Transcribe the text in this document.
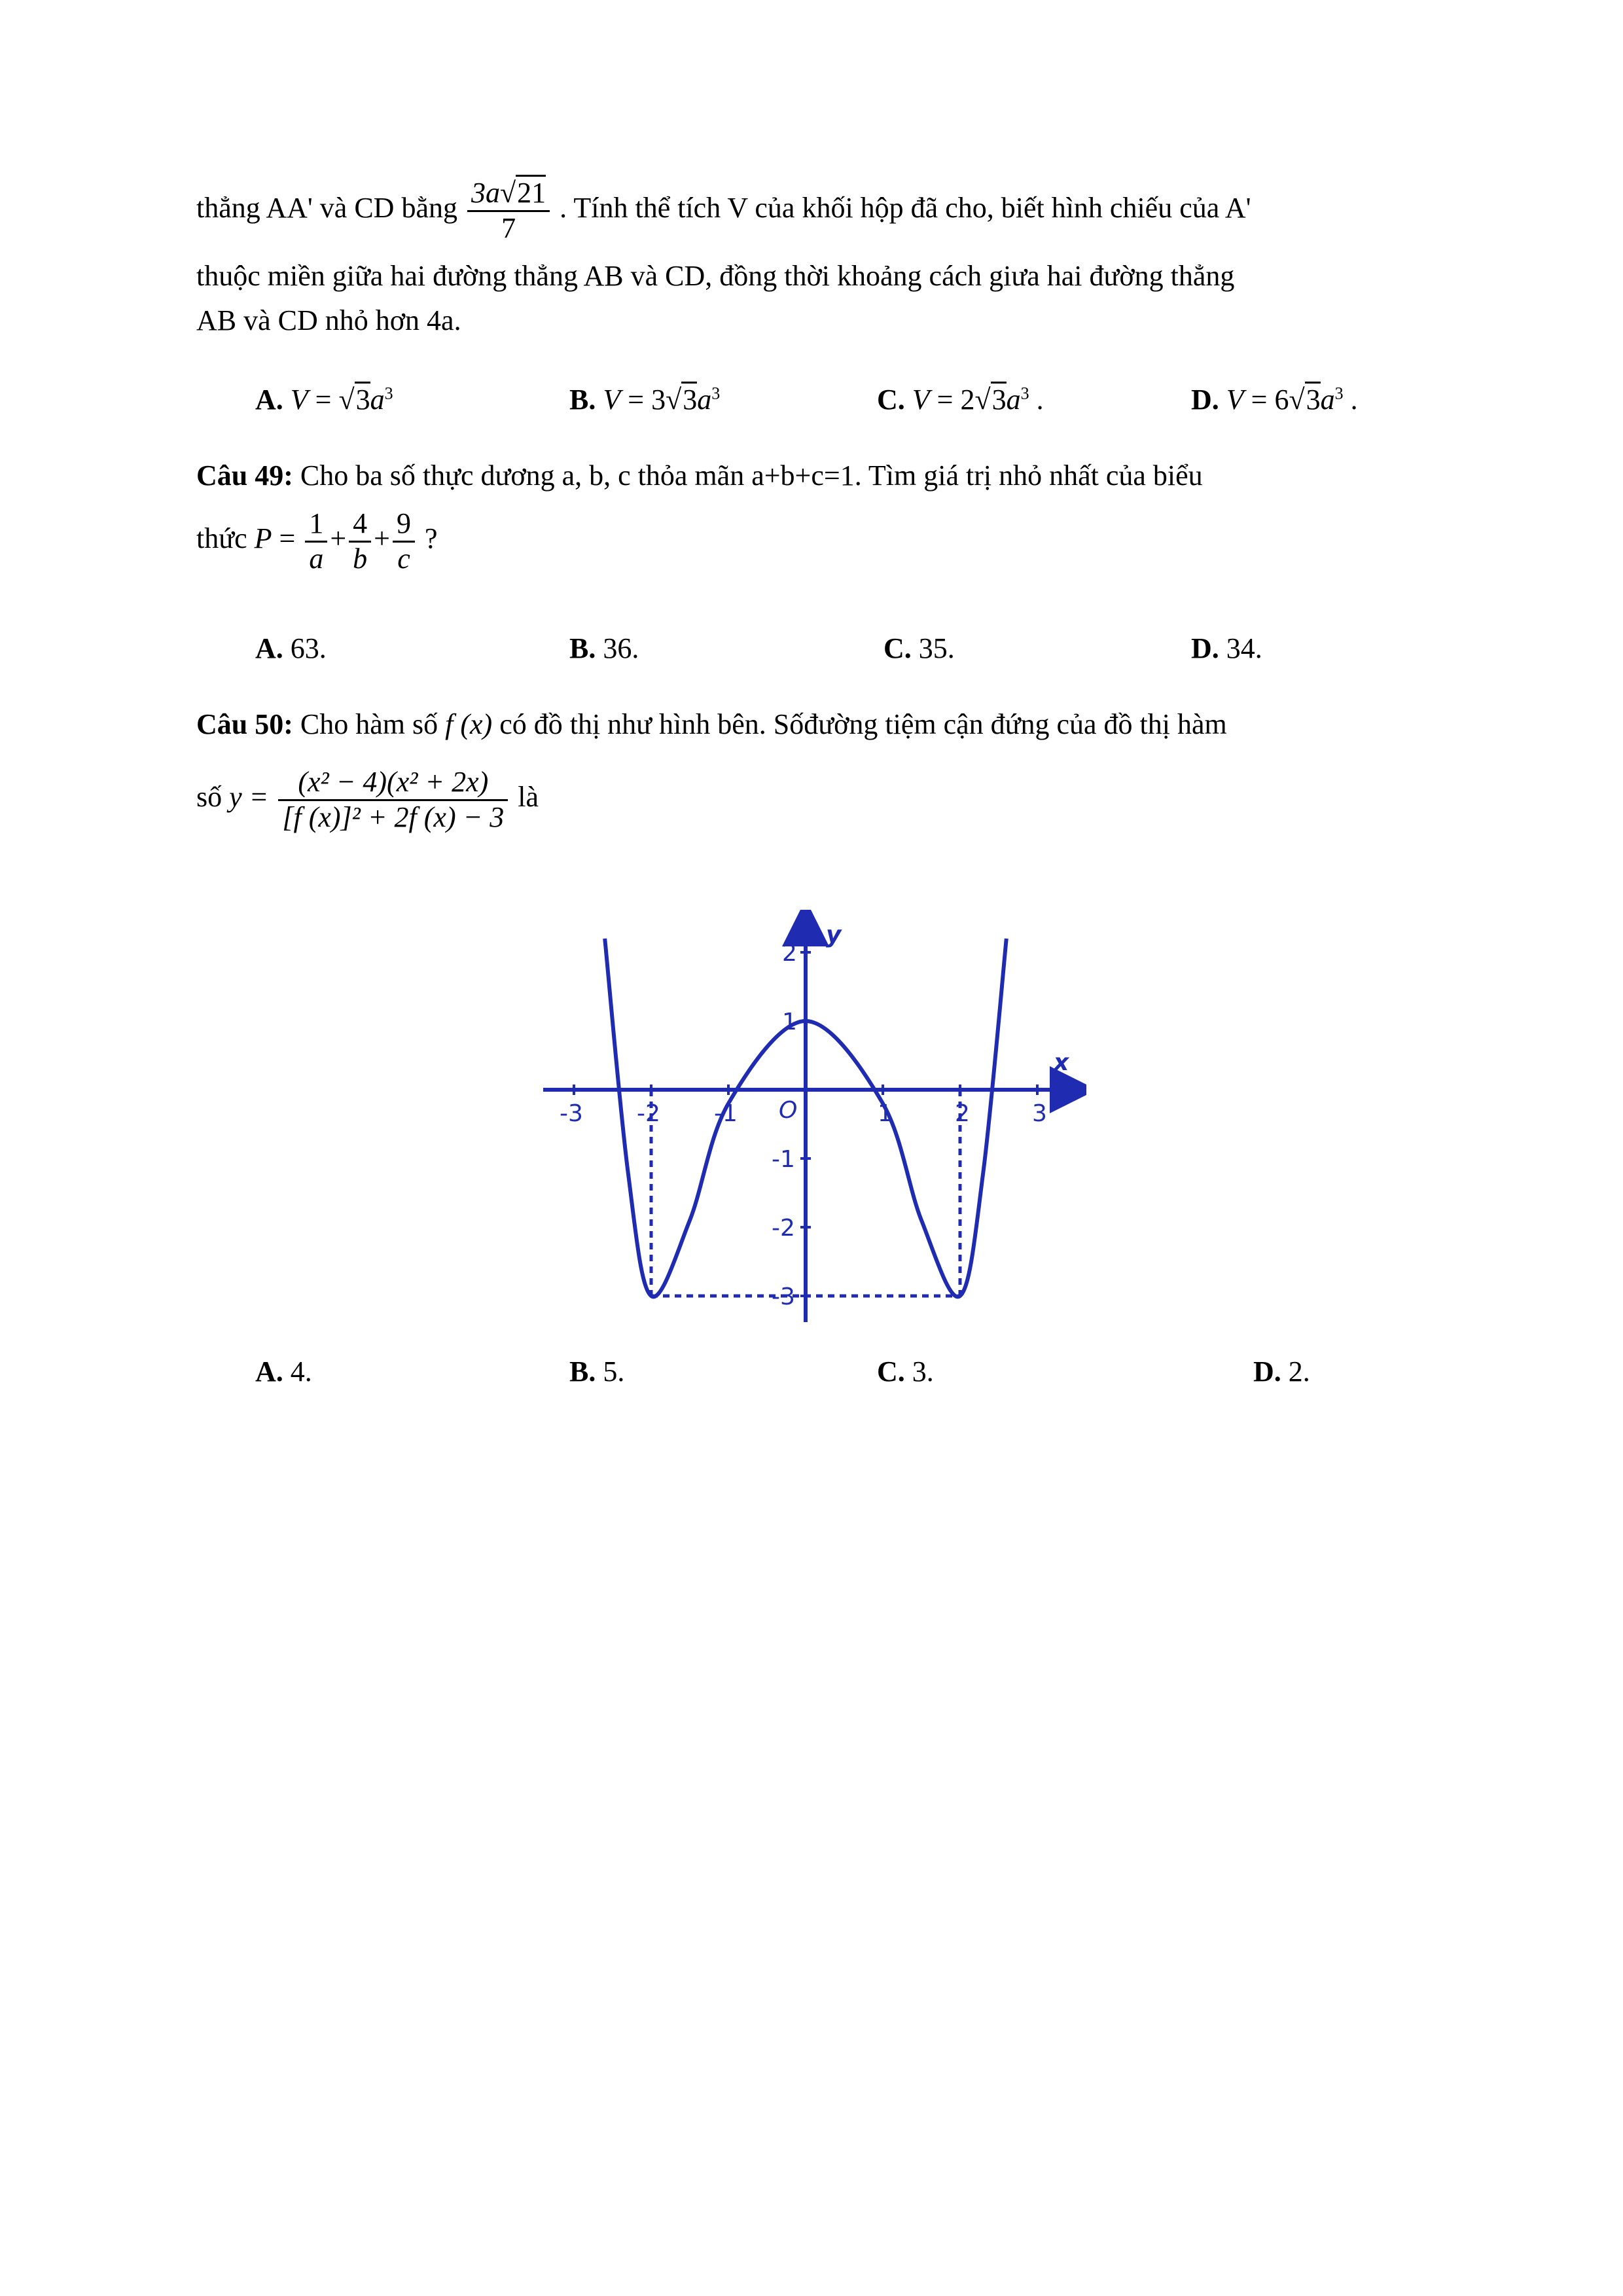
thẳng AA' và CD bằng $\frac{3a√21}{7}$ . Tính thể tích V của khối hộp đã cho, biết hình chiếu của A'
thuộc miền giữa hai đường thẳng AB và CD, đồng thời khoảng cách giưa hai đường thẳng
AB và CD nhỏ hơn 4a.
A. $V = √3a^3$	B. $V = 3√3a^3$	C. $V = 2√3a^3$ .	D. $V = 6√3a^3$ .
Câu 49: Cho ba số thực dương a, b, c thỏa mãn a+b+c=1. Tìm giá trị nhỏ nhất của biểu
thức $P = \frac{1}{a} + \frac{4}{b} + \frac{9}{c}$ ?
A. 63.	B. 36.	C. 35.	D. 34.
Câu 50: Cho hàm số f (x) có đồ thị như hình bên. Sốđường tiệm cận đứng của đồ thị hàm
số $y = \frac{\text{(x² − 4)(x² + 2x)}}{\text{[f (x)]² + 2f (x) − 3}}$ là
x
y
O
-3 -2 -1	1	2	3
2
1
-1
-2
-3
A. 4.	B. 5.	C. 3.	D. 2.
